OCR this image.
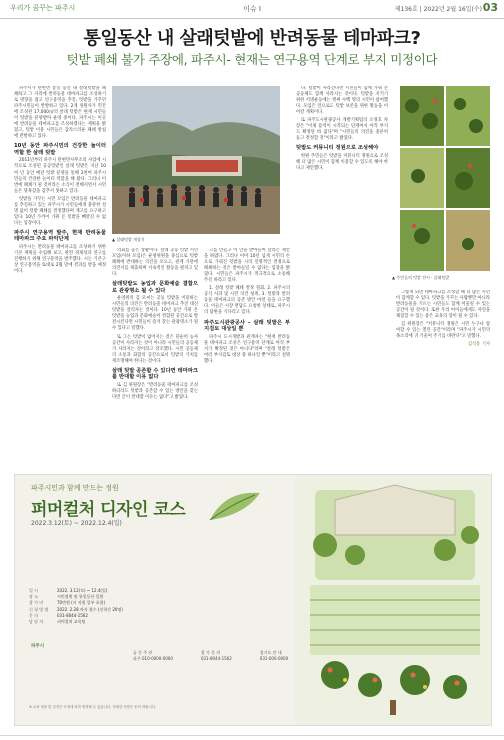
우리가 꿈꾸는 파주시	이슈 Ⅰ	제136호 | 2022년 2월 16일(수) 03
통일동산 내 살래텃밭에 반려동물 테마파크?
텃밭 폐쇄 불가 주장에, 파주시- 현재는 연구용역 단계로 부지 미정이다
▲ 살래텃밭 개장식
▲ 주민들의 텃밭 전시 · 살래텃밭

파주시가 탄현면 통일 동산 내 살래텃밭을 폐쇄하고 그 자리에 반려동물 테마파크를 조성하기로 방향을 잡고 연구용역을 추진, 텃밭을 가꾸던 파주시민들이 반발하고 있다. 2개 정원사가 민간에 조성된 17,000㎡의 살래 텃밭은 현재 시민들이 텃밭을 분양받아 운영 중이다. 파주시는 이곳에 반려동물 테마파크를 조성하겠다는 계획을 밝혔고, 텃밭 이용 시민들은 갑작스러운 폐쇄 방침에 반발하고 있다.

10년 동안 파주시민의 건강한 놀이터 역할 한 살래 텃밭

2011년부터 파주시 탄현면사무소의 사업에 시작으로 조성된 공공텃밭인 살래 텃밭은 지난 10여 년 동안 매년 텃밭 분양을 통해 2천여 파주시민들의 건강한 놀이터 역할을 해 왔다. 그러나 이번에 폐쇄가 될 것이라는 소식이 전해지면서 시민들은 당혹감을 감추지 못하고 있다.

텃밭을 가꾸는 시민 모임은 반려동물 테마파크를 추진하고 있는 파주시가 시민들에게 충분한 설명 없이 텃밭 폐쇄를 결정했다며 재고를 요구하고 있다. 10년 가까이 가꿔 온 텃밭을 빼앗길 수 없다는 입장이다.

파주시 연구용역 발주, 현재 반려동물 테마파크 주요 파악단계

파주시는 반려동물 테마파크를 조성하기 위한 기본 계획을 수립해 보고, 관련 경제성과 연구를 진행하기 위해 연구용역을 발주했다. 시는 기본구상 연구용역을 토대로 2월 말에 결과를 받을 예정이다.

의회를 높은 상황이다. 살래 공동 텃밭 시민모임(이하 모임)은 운영위원을 중심으로 텃밭 폐쇄에 반대하는 의견을 모으고, 관계 기관에 의견서를 제출하며 지속적인 활동을 펼치고 있다.

살래텃밭도 농업과 문화예술 결합으로 관광명소 될 수 있다

운영위의 김 모씨는 공동 텃밭을 이용하는 시민들의 의견은 반려동물 테마파크 추진 대신 텃밭을 살리자는 것이다. 10년 동안 가꿔 온 텃밭을 농업과 문화예술이 결합된 공간으로 발전시킨다면 시민들이 즐겨 찾는 관광명소가 될 수 있다고 말했다.

또 그는 텃밭이 없어지는 것은 단순히 농사 공간이 사라지는 것이 아니라 시민들의 공동체가 사라지는 것이라고 강조했다. 시민 공동체의 소통과 화합의 공간으로서 텃밭의 가치를 재조명해야 한다는 것이다.

살래 텃밭 공존할 수 있다면 테마파크를 반대할 이유 없다

또 김 위원장은 "반려동물 테마파크를 조성하더라도 텃밭과 공존할 수 있는 방안을 찾는다면 굳이 반대할 이유는 없다"고 밝혔다.

고를 만들고 이 안을 받아들여 달라는 제안을 하였다. 그러나 이미 10년 넘게 시민의 손으로 가꿔진 텃밭을 시의 일방적인 결정으로 폐쇄하는 것은 받아들일 수 없다는 입장을 밝혔다. 시민들은 파주시가 적극적으로 소통해 주길 바라고 있다.

1. 살래 텃밭 폐쇄 결정 철회, 2. 파주시의 공식 사과 및 시민 의견 청취, 3. 텃밭과 반려동물 테마파크의 공존 방안 마련 등을 요구했다. 이들은 시장 면담도 요청한 상태로, 파주시의 답변을 기다리고 있다.

파주도시관광공사 – 살래 텃밭은 부지검토 대상일 뿐

파주시 도시개발과 관계자는 "현재 반려동물 테마파크 조성은 연구용역 단계로 아직 부지가 확정된 것은 아니다"라며 "살래 텃밭은 여러 부지검토 대상 중 하나일 뿐"이라고 설명했다.

다. 텃밭이 사라진다면 시민들이 함께 가꿔 온 공동체도 함께 사라지는 것이다. 텃밭을 지키기 위한 서명운동에는 벌써 수백 명의 시민이 참여했다. 모임은 앞으로도 텃밭 보존을 위한 활동을 이어갈 계획이다.

또 파주도시관광공사 개발기획팀의 오경호 차장은 "이제 용역이 시작되는 단계여서 아직 부지도 확정된 바 없다"며 "시민들의 의견을 충분히 듣고 결정할 것"이라고 밝혔다.

텃밭도 커뮤니티 정원으로 조성해야

한편 주민들은 텃밭을 커뮤니티 정원으로 조성해 더 많은 시민이 함께 이용할 수 있도록 해야 한다고 제안했다.

그렇게 되면 테마파크를 조성할 때 더 많은 시민이 함께할 수 있다. 텃밭을 가꾸는 사람뿐만 아니라 반려동물을 기르는 시민들도 함께 어울릴 수 있는 공간이 될 것이다. 또한 우리 아이들에게도 자연을 체험할 수 있는 좋은 교육의 장이 될 수 있다.

김 위원장은 "커뮤니티 정원은 시민 누구나 참여할 수 있는 열린 공간"이라며 "파주시가 시민의 목소리에 귀 기울여 주기를 바란다"고 말했다.

김석용 기자

파주시민과 함께 만드는 정원
퍼머컬처 디자인 코스
2022.3.12(토) ~ 2022.12.4(일)
일 시	2022. 3.12(토) ~ 12.4(일)
장 소	시민정원 및 통일동산 일원
참 가 비	70만원 (시 지원 일부 포함)
신 청 방 법	2022. 2.28 까지 접수 (선착순 20명)
문 의	031-8044-1562
담 당 자	퍼머컬처 교육팀
파주시
공 동 주 관
파주 010-0000-0000
참 가 문 의
031-8044-1562
경기도 안 내
031-000-0000
※ 교육 내용 및 일정은 사정에 따라 변경될 수 있습니다. 자세한 사항은 문의 바랍니다.
